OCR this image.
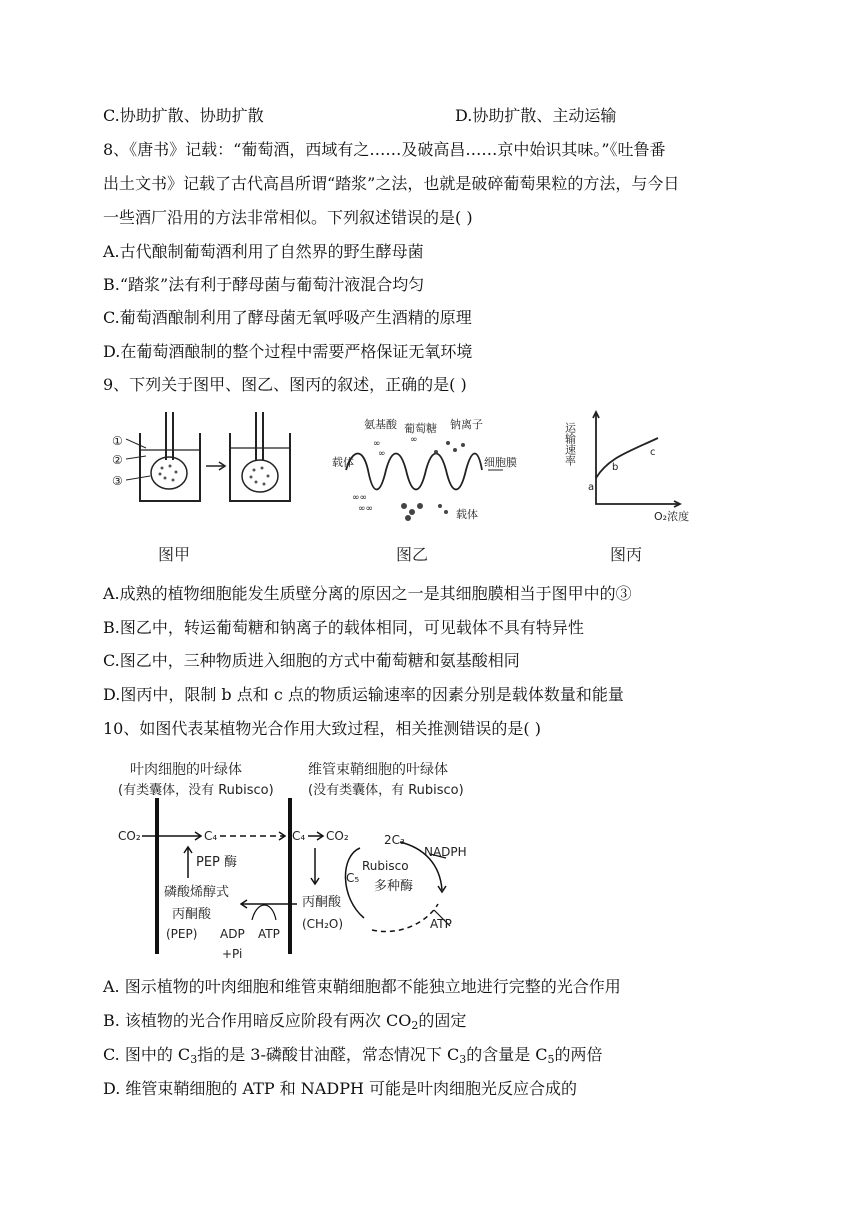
C.协助扩散、协助扩散	D.协助扩散、主动运输
8、《唐书》记载：“葡萄酒，西域有之……及破高昌……京中始识其味。”《吐鲁番
出土文书》记载了古代高昌所谓“踏浆”之法，也就是破碎葡萄果粒的方法，与今日
一些酒厂沿用的方法非常相似。下列叙述错误的是( )
A.古代酿制葡萄酒利用了自然界的野生酵母菌
B.“踏浆”法有利于酵母菌与葡萄汁液混合均匀
C.葡萄酒酿制利用了酵母菌无氧呼吸产生酒精的原理
D.在葡萄酒酿制的整个过程中需要严格保证无氧环境
9、下列关于图甲、图乙、图丙的叙述，正确的是( )
①
②
③
图甲
∞
∞
∞
∞∞
∞∞
氨基酸 葡萄糖 钠离子
载体	细胞膜
载体
图乙
运输速率
a
b
c
O₂浓度
图丙
A.成熟的植物细胞能发生质壁分离的原因之一是其细胞膜相当于图甲中的③
B.图乙中，转运葡萄糖和钠离子的载体相同，可见载体不具有特异性
C.图乙中，三种物质进入细胞的方式中葡萄糖和氨基酸相同
D.图丙中，限制 b 点和 c 点的物质运输速率的因素分别是载体数量和能量
10、如图代表某植物光合作用大致过程，相关推测错误的是( )
叶肉细胞的叶绿体
(有类囊体，没有 Rubisco)
维管束鞘细胞的叶绿体
(没有类囊体，有 Rubisco)
CO₂	C₄	C₄ CO₂	2C₃
NADPH
PEP 酶	Rubisco
C₅
多种酶
磷酸烯醇式
丙酮酸
丙酮酸
(PEP) ADP ATP
+Pi
(CH₂O)	ATP
A. 图示植物的叶肉细胞和维管束鞘细胞都不能独立地进行完整的光合作用
B. 该植物的光合作用暗反应阶段有两次 $CO_2$的固定
C. 图中的 $C_3$指的是 3-磷酸甘油醛，常态情况下 $C_3$的含量是 $C_5$的两倍
D. 维管束鞘细胞的 ATP 和 NADPH 可能是叶肉细胞光反应合成的
